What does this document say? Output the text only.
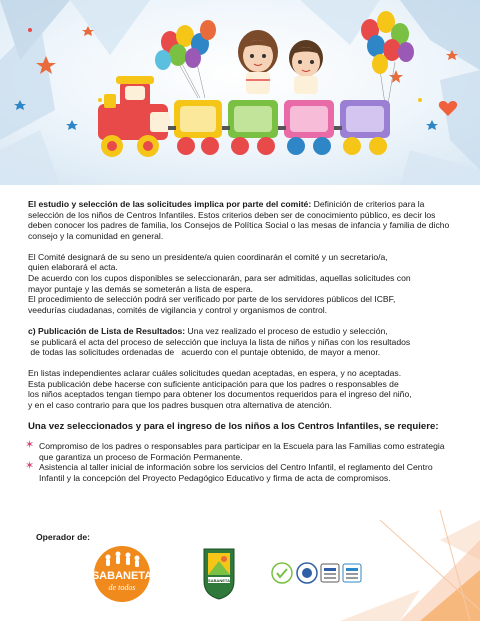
El estudio y selección de las solicitudes implica por parte del comité: Definición de criterios para la selección de los niños de Centros Infantiles. Estos criterios deben ser de conocimiento público, es decir los deben conocer los padres de familia, los Consejos de Política Social o las mesas de infancia y familia de dicho consejo y la comunidad en general.

El Comité designará de su seno un presidente/a quien coordinarán el comité y un secretario/a,

quien elaborará el acta.

De acuerdo con los cupos disponibles se seleccionarán, para ser admitidas, aquellas solicitudes con

mayor puntaje y las demás se someterán a lista de espera.

El procedimiento de selección podrá ser verificado por parte de los servidores públicos del ICBF,

veedurías ciudadanas, comités de vigilancia y control y organismos de control.

c) Publicación de Lista de Resultados: Una vez realizado el proceso de estudio y selección,

se publicará el acta del proceso de selección que incluya la lista de niños y niñas con los resultados

de todas las solicitudes ordenadas de   acuerdo con el puntaje obtenido, de mayor a menor.

En listas independientes aclarar cuáles solicitudes quedan aceptadas, en espera, y no aceptadas.

Esta publicación debe hacerse con suficiente anticipación para que los padres o responsables de

los niños aceptados tengan tiempo para obtener los documentos requeridos para el ingreso del niño,

y en el caso contrario para que los padres busquen otra alternativa de atención.

Una vez seleccionados y para el ingreso de los niños a los Centros Infantiles, se requiere:

✶ Compromiso de los padres o responsables para participar en la Escuela para las Familias como estrategia que garantiza un proceso de Formación Permanente.
✶ Asistencia al taller inicial de información sobre los servicios del Centro Infantil, el reglamento del Centro Infantil y la concepción del Proyecto Pedagógico Educativo y firma de acta de compromisos.
Operador de:
SABANETA
de todos
SABANETA
DE SABANETA
